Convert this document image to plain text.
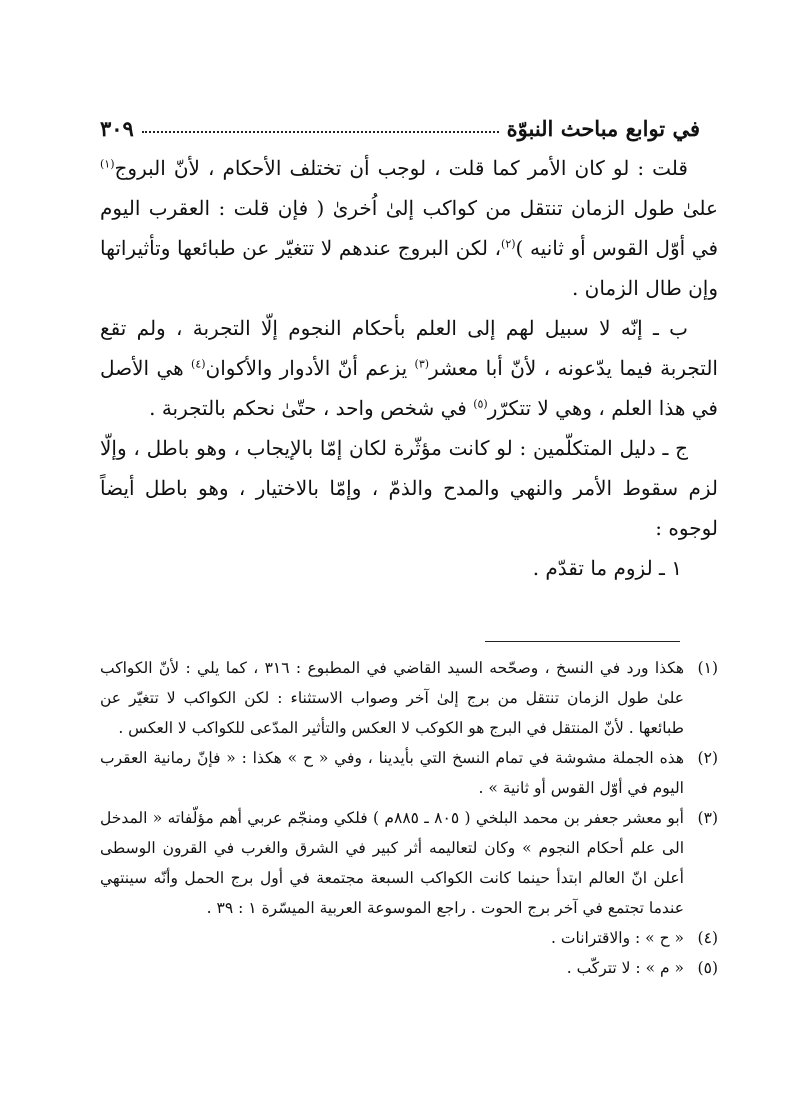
في توابع مباحث النبوّة
٣٠٩

قلت : لو كان الأمر كما قلت ، لوجب أن تختلف الأحكام ، لأنّ البروج$^{(١)}$ علىٰ طول الزمان تنتقل من كواكب إلىٰ اُخرىٰ ( فإن قلت : العقرب اليوم في أوّل القوس أو ثانيه )$^{(٢)}$، لكن البروج عندهم لا تتغيّر عن طبائعها وتأثيراتها وإن طال الزمان .

ب ـ إنّه لا سبيل لهم إلى العلم بأحكام النجوم إلّا التجربة ، ولم تقع التجربة فيما يدّعونه ، لأنّ أبا معشر$^{(٣)}$ يزعم أنّ الأدوار والأكوان$^{(٤)}$ هي الأصل في هذا العلم ، وهي لا تتكرّر$^{(٥)}$ في شخص واحد ، حتّىٰ نحكم بالتجربة .

ج ـ دليل المتكلّمين : لو كانت مؤثّرة لكان إمّا بالإيجاب ، وهو باطل ، وإلّا لزم سقوط الأمر والنهي والمدح والذمّ ، وإمّا بالاختيار ، وهو باطل أيضاً لوجوه :

١ ـ لزوم ما تقدّم .

(١)
هكذا ورد في النسخ ، وصحّحه السيد القاضي في المطبوع : ٣١٦ ، كما يلي : لأنّ الكواكب علىٰ طول الزمان تنتقل من برج إلىٰ آخر وصواب الاستثناء : لكن الكواكب لا تتغيّر عن طبائعها . لأنّ المنتقل في البرج هو الكوكب لا العكس والتأثير المدّعى للكواكب لا العكس .
(٢)
هذه الجملة مشوشة في تمام النسخ التي بأيدينا ، وفي « ح » هكذا : « فإنّ رمانية العقرب اليوم في أوّل القوس أو ثانية » .
(٣)
أبو معشر جعفر بن محمد البلخي ( ٨٠٥ ـ ٨٨٥م ) فلكي ومنجّم عربي أهم مؤلّفاته « المدخل الى علم أحكام النجوم » وكان لتعاليمه أثر كبير في الشرق والغرب في القرون الوسطى أعلن انّ العالم ابتدأ حينما كانت الكواكب السبعة مجتمعة في أول برج الحمل وأنّه سينتهي عندما تجتمع في آخر برج الحوت . راجع الموسوعة العربية الميسّرة ١ : ٣٩ .
(٤)
« ح » : والاقترانات .
(٥)
« م » : لا تتركّب .
